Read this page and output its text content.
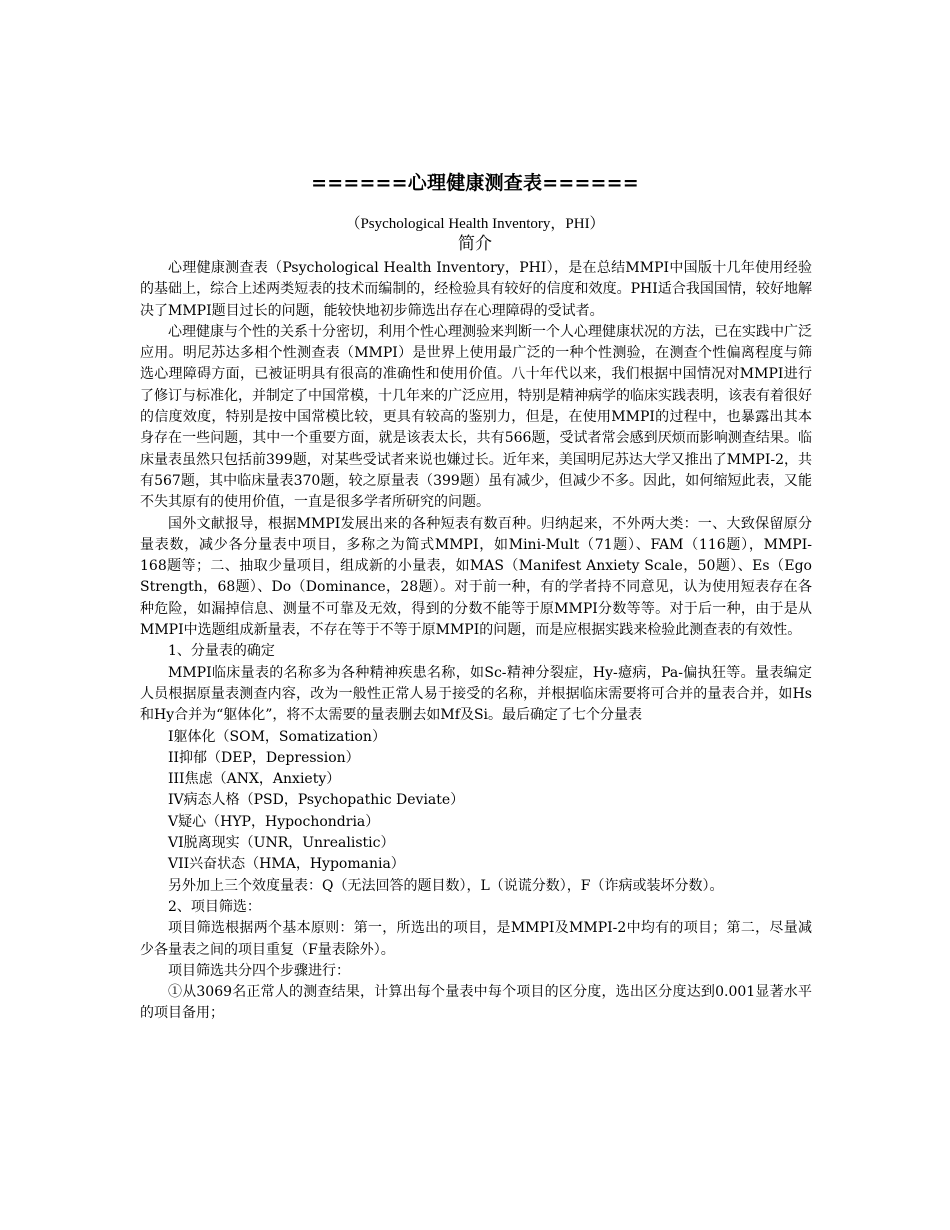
======心理健康测查表======
（Psychological Health Inventory，PHI）
简介

心理健康测查表（Psychological Health Inventory，PHI），是在总结MMPI中国版十几年使用经验的基础上，综合上述两类短表的技术而编制的，经检验具有较好的信度和效度。PHI适合我国国情，较好地解决了MMPI题目过长的问题，能较快地初步筛选出存在心理障碍的受试者。

心理健康与个性的关系十分密切，利用个性心理测验来判断一个人心理健康状况的方法，已在实践中广泛应用。明尼苏达多相个性测查表（MMPI）是世界上使用最广泛的一种个性测验，在测查个性偏离程度与筛选心理障碍方面，已被证明具有很高的准确性和使用价值。八十年代以来，我们根据中国情况对MMPI进行了修订与标准化，并制定了中国常模，十几年来的广泛应用，特别是精神病学的临床实践表明，该表有着很好的信度效度，特别是按中国常模比较，更具有较高的鉴别力，但是，在使用MMPI的过程中，也暴露出其本身存在一些问题，其中一个重要方面，就是该表太长，共有566题，受试者常会感到厌烦而影响测查结果。临床量表虽然只包括前399题，对某些受试者来说也嫌过长。近年来，美国明尼苏达大学又推出了MMPI-2，共有567题，其中临床量表370题，较之原量表（399题）虽有减少，但减少不多。因此，如何缩短此表，又能不失其原有的使用价值，一直是很多学者所研究的问题。

国外文献报导，根据MMPI发展出来的各种短表有数百种。归纳起来，不外两大类：一、大致保留原分量表数，减少各分量表中项目，多称之为简式MMPI，如Mini-Mult（71题）、FAM（116题），MMPI-168题等；二、抽取少量项目，组成新的小量表，如MAS（Manifest Anxiety Scale，50题）、Es（Ego Strength，68题）、Do（Dominance，28题）。对于前一种，有的学者持不同意见，认为使用短表存在各种危险，如漏掉信息、测量不可靠及无效，得到的分数不能等于原MMPI分数等等。对于后一种，由于是从MMPI中选题组成新量表，不存在等于不等于原MMPI的问题，而是应根据实践来检验此测查表的有效性。

1、分量表的确定

MMPI临床量表的名称多为各种精神疾患名称，如Sc-精神分裂症，Hy-癔病，Pa-偏执狂等。量表编定人员根据原量表测查内容，改为一般性正常人易于接受的名称，并根据临床需要将可合并的量表合并，如Hs和Hy合并为“躯体化”，将不太需要的量表删去如Mf及Si。最后确定了七个分量表

I躯体化（SOM，Somatization）

II抑郁（DEP，Depression）

III焦虑（ANX，Anxiety）

IV病态人格（PSD，Psychopathic Deviate）

V疑心（HYP，Hypochondria）

VI脱离现实（UNR，Unrealistic）

VII兴奋状态（HMA，Hypomania）

另外加上三个效度量表：Q（无法回答的题目数），L（说谎分数），F（诈病或装坏分数）。

2、项目筛选：

项目筛选根据两个基本原则：第一，所选出的项目，是MMPI及MMPI-2中均有的项目；第二，尽量减少各量表之间的项目重复（F量表除外）。

项目筛选共分四个步骤进行：

①从3069名正常人的测查结果，计算出每个量表中每个项目的区分度，选出区分度达到0.001显著水平的项目备用；
